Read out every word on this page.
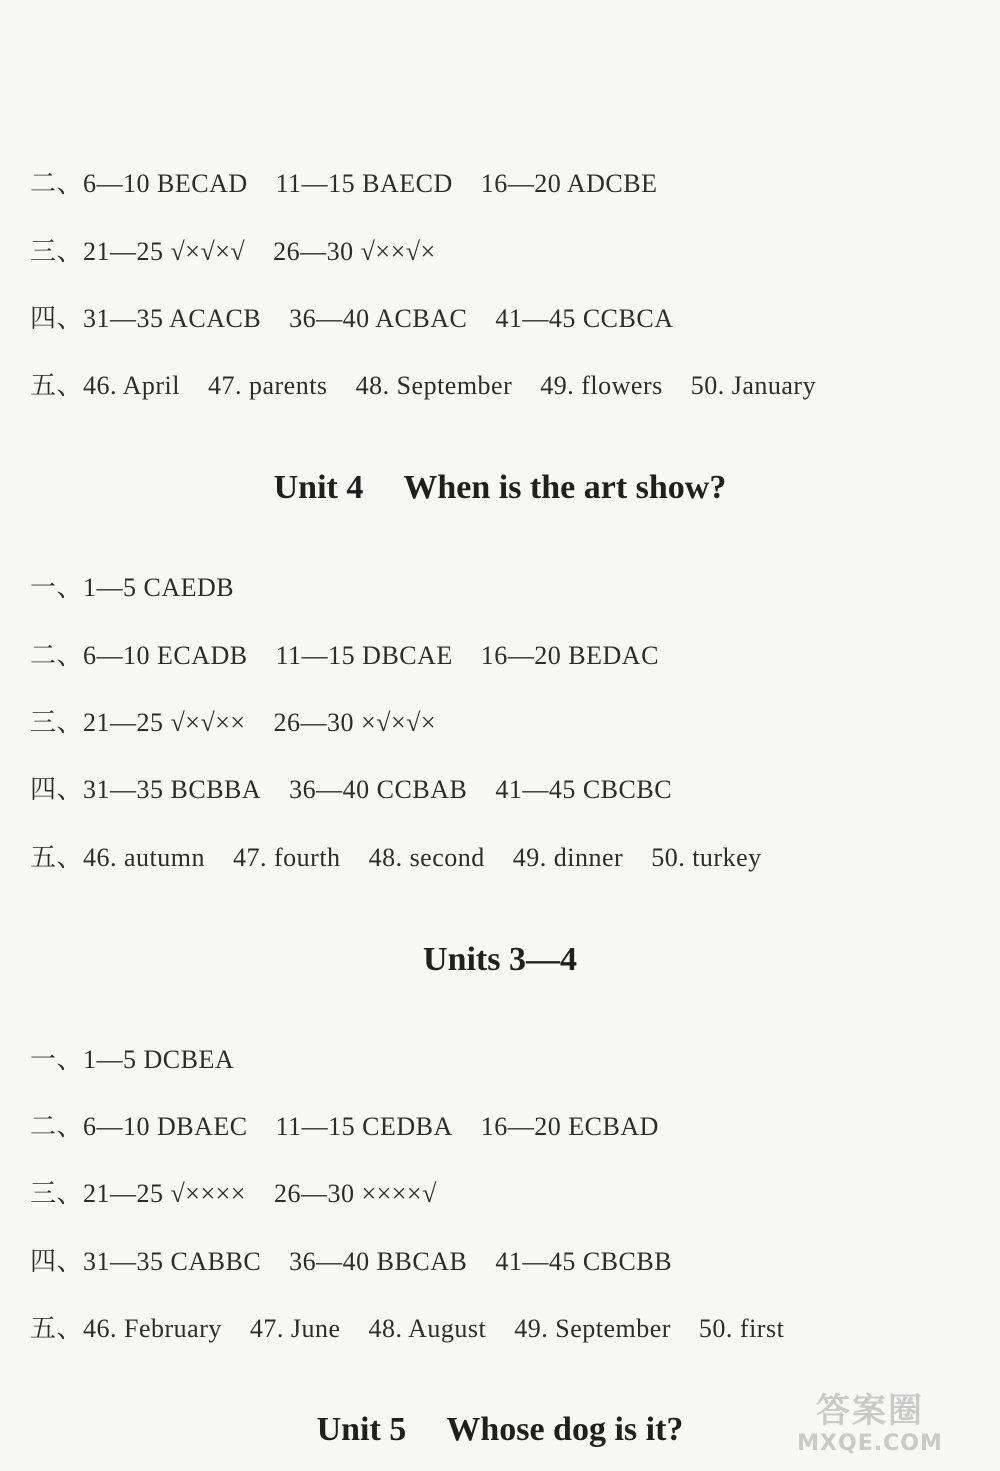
二、6—10 BECAD 11—15 BAECD 16—20 ADCBE
三、21—25 √×√×√ 26—30 √××√×
四、31—35 ACACB 36—40 ACBAC 41—45 CCBCA
五、46. April 47. parents 48. September 49. flowers 50. January
Unit 4 When is the art show?
一、1—5 CAEDB
二、6—10 ECADB 11—15 DBCAE 16—20 BEDAC
三、21—25 √×√×× 26—30 ×√×√×
四、31—35 BCBBA 36—40 CCBAB 41—45 CBCBC
五、46. autumn 47. fourth 48. second 49. dinner 50. turkey
Units 3—4
一、1—5 DCBEA
二、6—10 DBAEC 11—15 CEDBA 16—20 ECBAD
三、21—25 √×××× 26—30 ××××√
四、31—35 CABBC 36—40 BBCAB 41—45 CBCBB
五、46. February 47. June 48. August 49. September 50. first
Unit 5 Whose dog is it?	答案圈
MXQE.COM
